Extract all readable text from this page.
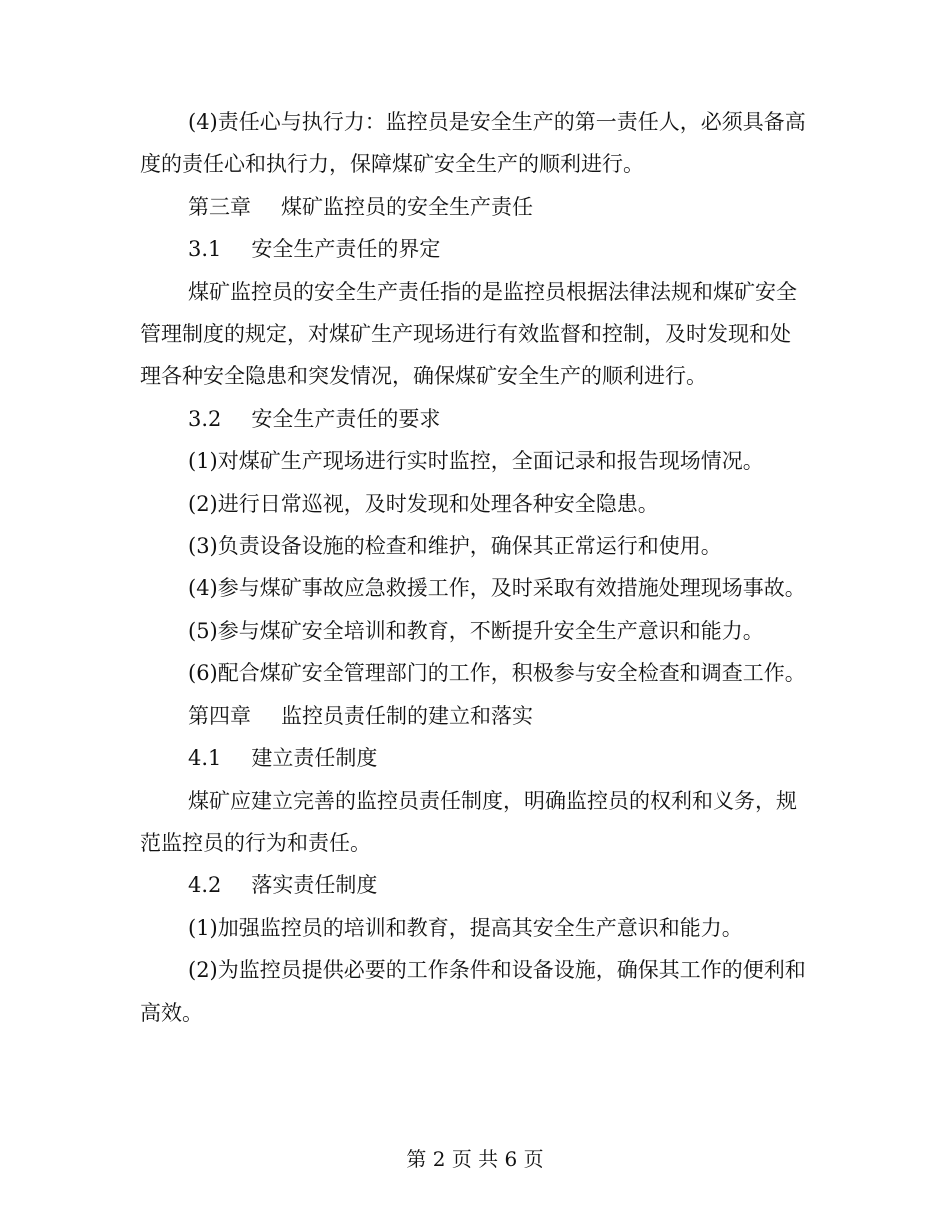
(4)责任心与执行力：监控员是安全生产的第一责任人，必须具备高度的责任心和执行力，保障煤矿安全生产的顺利进行。

第三章 煤矿监控员的安全生产责任

3.1 安全生产责任的界定

煤矿监控员的安全生产责任指的是监控员根据法律法规和煤矿安全管理制度的规定，对煤矿生产现场进行有效监督和控制，及时发现和处理各种安全隐患和突发情况，确保煤矿安全生产的顺利进行。

3.2 安全生产责任的要求

(1)对煤矿生产现场进行实时监控，全面记录和报告现场情况。

(2)进行日常巡视，及时发现和处理各种安全隐患。

(3)负责设备设施的检查和维护，确保其正常运行和使用。

(4)参与煤矿事故应急救援工作，及时采取有效措施处理现场事故。

(5)参与煤矿安全培训和教育，不断提升安全生产意识和能力。

(6)配合煤矿安全管理部门的工作，积极参与安全检查和调查工作。

第四章 监控员责任制的建立和落实

4.1 建立责任制度

煤矿应建立完善的监控员责任制度，明确监控员的权利和义务，规范监控员的行为和责任。

4.2 落实责任制度

(1)加强监控员的培训和教育，提高其安全生产意识和能力。

(2)为监控员提供必要的工作条件和设备设施，确保其工作的便利和高效。

第 2 页 共 6 页
